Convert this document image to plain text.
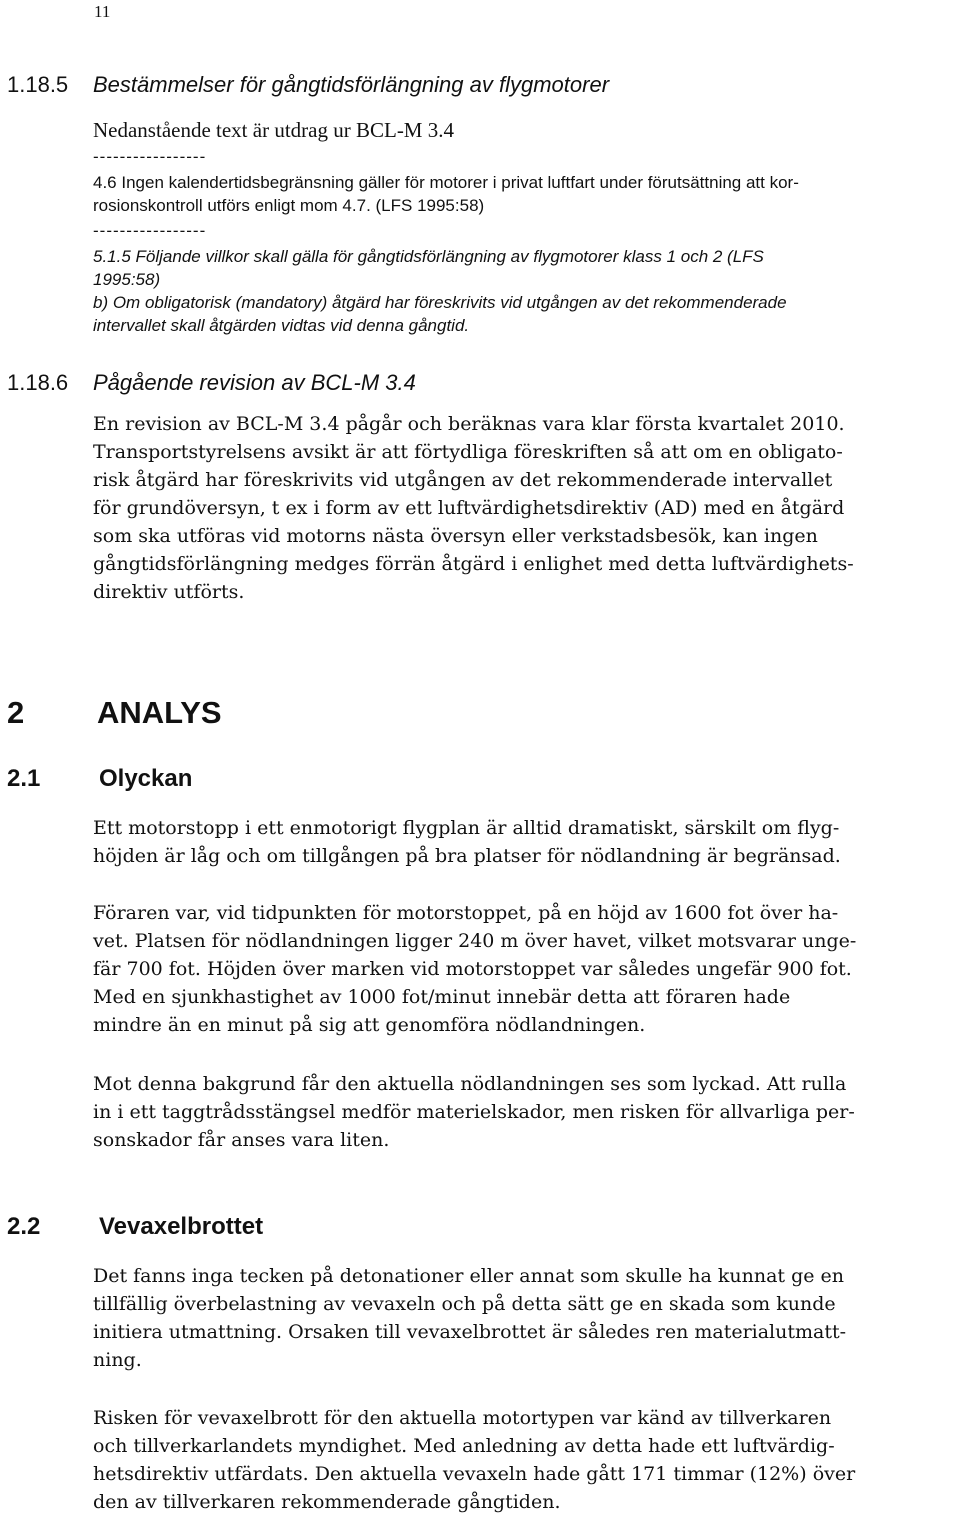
11
1.18.5 Bestämmelser för gångtidsförlängning av flygmotorer
Nedanstående text är utdrag ur BCL-M 3.4
-----------------
4.6 Ingen kalendertidsbegränsning gäller för motorer i privat luftfart under förutsättning att kor-
rosionskontroll utförs enligt mom 4.7. (LFS 1995:58)
-----------------
5.1.5 Följande villkor skall gälla för gångtidsförlängning av flygmotorer klass 1 och 2 (LFS
1995:58)
b) Om obligatorisk (mandatory) åtgärd har föreskrivits vid utgången av det rekommenderade
intervallet skall åtgärden vidtas vid denna gångtid.
1.18.6 Pågående revision av BCL-M 3.4
En revision av BCL-M 3.4 pågår och beräknas vara klar första kvartalet 2010.
Transportstyrelsens avsikt är att förtydliga föreskriften så att om en obligato-
risk åtgärd har föreskrivits vid utgången av det rekommenderade intervallet
för grundöversyn, t ex i form av ett luftvärdighetsdirektiv (AD) med en åtgärd
som ska utföras vid motorns nästa översyn eller verkstadsbesök, kan ingen
gångtidsförlängning medges förrän åtgärd i enlighet med detta luftvärdighets-
direktiv utförts.
2 ANALYS
2.1 Olyckan
Ett motorstopp i ett enmotorigt flygplan är alltid dramatiskt, särskilt om flyg-
höjden är låg och om tillgången på bra platser för nödlandning är begränsad.
Föraren var, vid tidpunkten för motorstoppet, på en höjd av 1600 fot över ha-
vet. Platsen för nödlandningen ligger 240 m över havet, vilket motsvarar unge-
fär 700 fot. Höjden över marken vid motorstoppet var således ungefär 900 fot.
Med en sjunkhastighet av 1000 fot/minut innebär detta att föraren hade
mindre än en minut på sig att genomföra nödlandningen.
Mot denna bakgrund får den aktuella nödlandningen ses som lyckad. Att rulla
in i ett taggtrådsstängsel medför materielskador, men risken för allvarliga per-
sonskador får anses vara liten.
2.2 Vevaxelbrottet
Det fanns inga tecken på detonationer eller annat som skulle ha kunnat ge en
tillfällig överbelastning av vevaxeln och på detta sätt ge en skada som kunde
initiera utmattning. Orsaken till vevaxelbrottet är således ren materialutmatt-
ning.
Risken för vevaxelbrott för den aktuella motortypen var känd av tillverkaren
och tillverkarlandets myndighet. Med anledning av detta hade ett luftvärdig-
hetsdirektiv utfärdats. Den aktuella vevaxeln hade gått 171 timmar (12%) över
den av tillverkaren rekommenderade gångtiden.
